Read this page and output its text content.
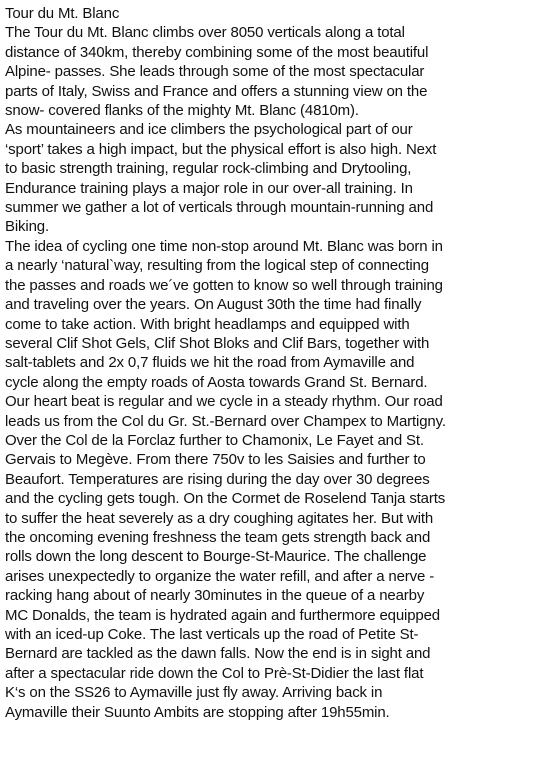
Tour du Mt. Blanc

The Tour du Mt. Blanc climbs over 8050 verticals along a total
distance of 340km, thereby combining some of the most beautiful
Alpine- passes. She leads through some of the most spectacular
parts of Italy, Swiss and France and offers a stunning view on the
snow- covered flanks of the mighty Mt. Blanc (4810m).

As mountaineers and ice climbers the psychological part of our
‘sport’ takes a high impact, but the physical effort is also high. Next
to basic strength training, regular rock-climbing and Drytooling,
Endurance training plays a major role in our over-all training. In
summer we gather a lot of verticals through mountain-running and
Biking.

The idea of cycling one time non-stop around Mt. Blanc was born in
a nearly ‘natural`way, resulting from the logical step of connecting
the passes and roads we´ve gotten to know so well through training
and traveling over the years. On August 30th the time had finally
come to take action. With bright headlamps and equipped with
several Clif Shot Gels, Clif Shot Bloks and Clif Bars, together with
salt-tablets and 2x 0,7 fluids we hit the road from Aymaville and
cycle along the empty roads of Aosta towards Grand St. Bernard.
Our heart beat is regular and we cycle in a steady rhythm. Our road
leads us from the Col du Gr. St.-Bernard over Champex to Martigny.
Over the Col de la Forclaz further to Chamonix, Le Fayet and St.
Gervais to Megève. From there 750v to les Saisies and further to
Beaufort. Temperatures are rising during the day over 30 degrees
and the cycling gets tough. On the Cormet de Roselend Tanja starts
to suffer the heat severely as a dry coughing agitates her. But with
the oncoming evening freshness the team gets strength back and
rolls down the long descent to Bourge-St-Maurice. The challenge
arises unexpectedly to organize the water refill, and after a nerve -
racking hang about of nearly 30minutes in the queue of a nearby
MC Donalds, the team is hydrated again and furthermore equipped
with an iced-up Coke. The last verticals up the road of Petite St-
Bernard are tackled as the dawn falls. Now the end is in sight and
after a spectacular ride down the Col to Prè-St-Didier the last flat
K‘s on the SS26 to Aymaville just fly away. Arriving back in
Aymaville their Suunto Ambits are stopping after 19h55min.
